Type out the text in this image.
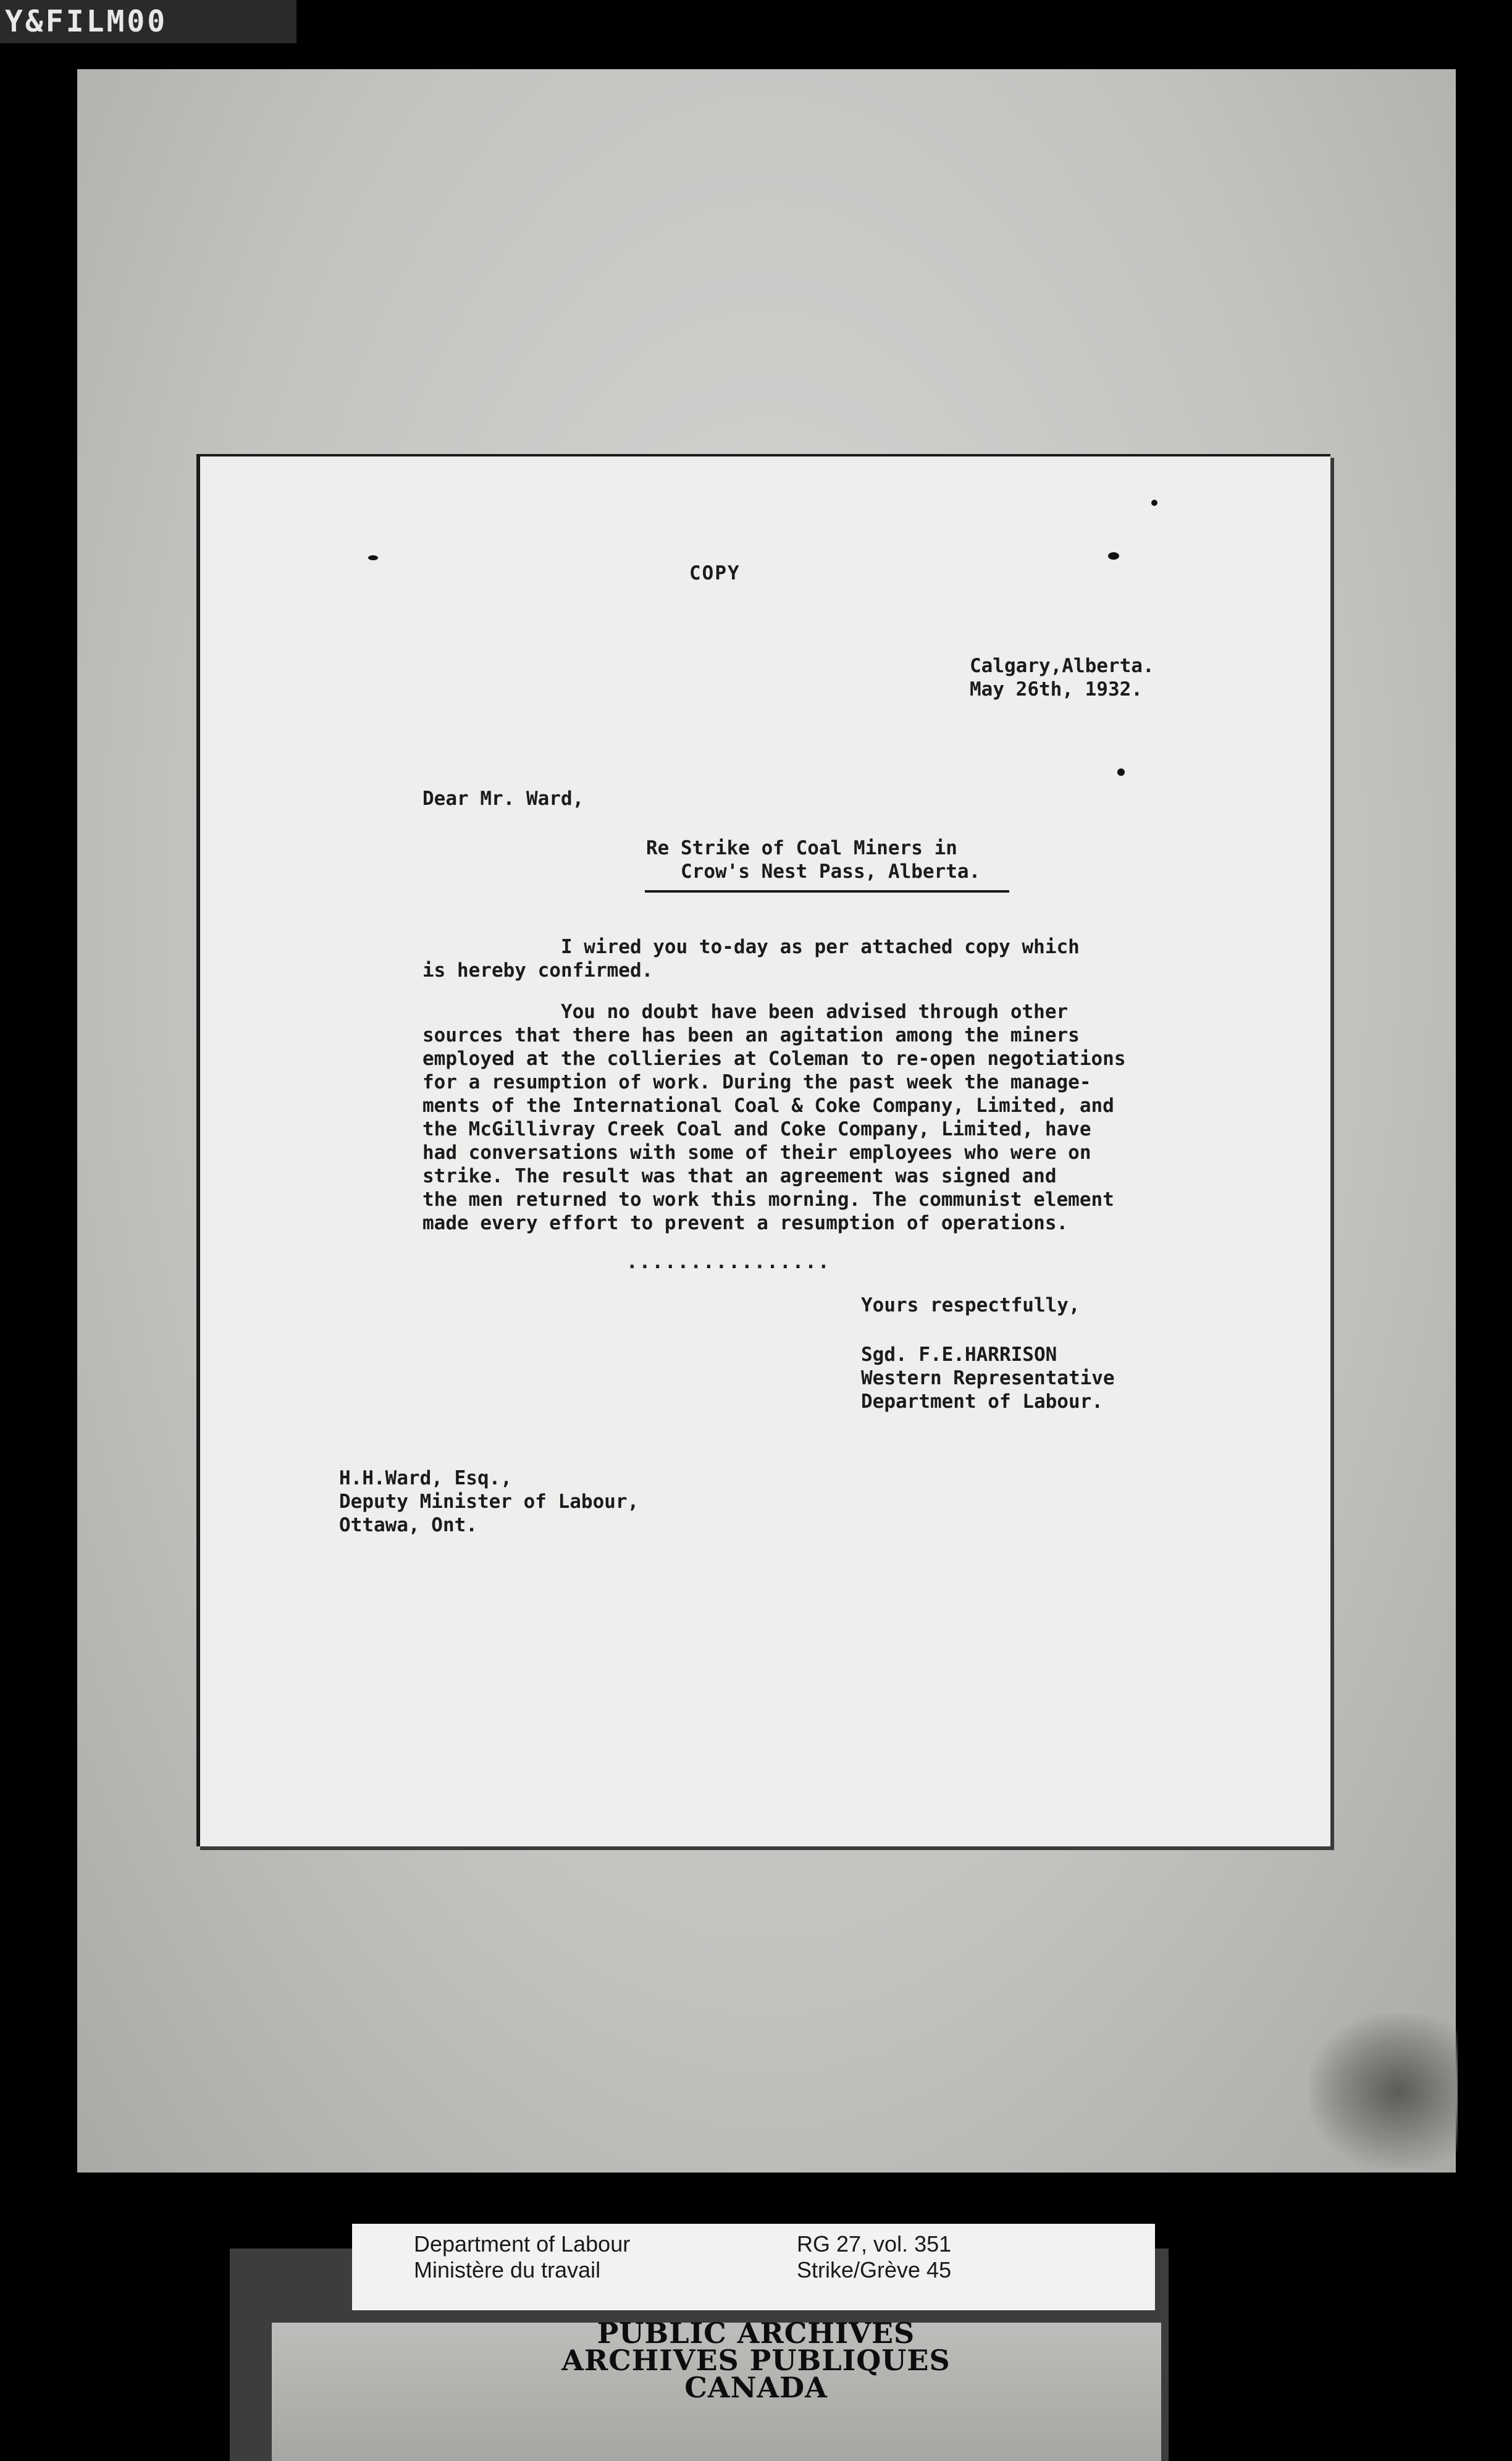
Y&FILM00

COPY

Calgary,Alberta.
May 26th, 1932.

Dear Mr. Ward,

Re Strike of Coal Miners in
Crow's Nest Pass, Alberta.
I wired you to-day as per attached copy which
is hereby confirmed.
You no doubt have been advised through other
sources that there has been an agitation among the miners
employed at the collieries at Coleman to re-open negotiations
for a resumption of work. During the past week the manage-
ments of the International Coal & Coke Company, Limited, and
the McGillivray Creek Coal and Coke Company, Limited, have
had conversations with some of their employees who were on
strike. The result was that an agreement was signed and
the men returned to work this morning. The communist element
made every effort to prevent a resumption of operations.

................

Yours respectfully,

Sgd. F.E.HARRISON
Western Representative
Department of Labour.
H.H.Ward, Esq.,
Deputy Minister of Labour,
Ottawa, Ont.
Department of Labour
Ministère du travail
RG 27, vol. 351
Strike/Grève 45
PUBLIC ARCHIVES
ARCHIVES PUBLIQUES
CANADA
